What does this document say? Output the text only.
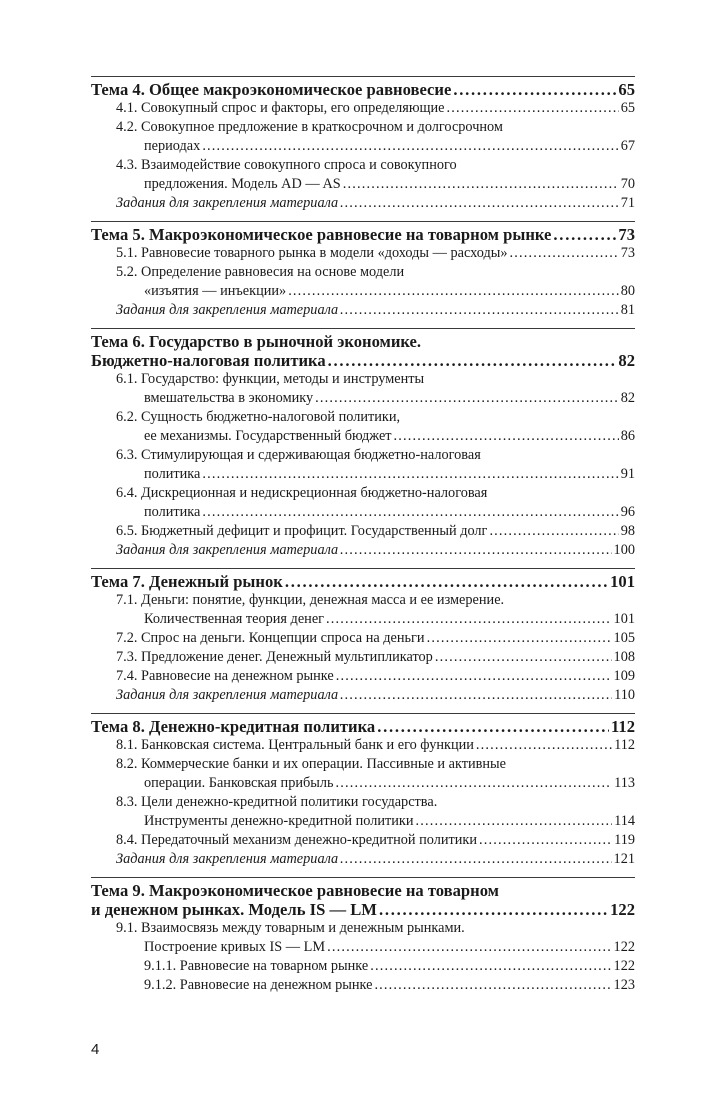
Тема 4. Общее макроэкономическое равновесие . . .	65
4.1. Совокупный спрос и факторы, его определяющие . . .	65
4.2. Совокупное предложение в краткосрочном и долгосрочном
периодах . . .	67
4.3. Взаимодействие совокупного спроса и совокупного
предложения. Модель AD — AS . . .	70
Задания для закрепления материала . . .	71
Тема 5. Макроэкономическое равновесие на товарном рынке . . .	73
5.1. Равновесие товарного рынка в модели «доходы — расходы» . . .	73
5.2. Определение равновесия на основе модели
«изъятия — инъекции» . . .	80
Задания для закрепления материала . . .	81
Тема 6. Государство в рыночной экономике.
Бюджетно-налоговая политика . . .	82
6.1. Государство: функции, методы и инструменты
вмешательства в экономику . . .	82
6.2. Сущность бюджетно-налоговой политики,
ее механизмы. Государственный бюджет . . .	86
6.3. Стимулирующая и сдерживающая бюджетно-налоговая
политика . . .	91
6.4. Дискреционная и недискреционная бюджетно-налоговая
политика . . .	96
6.5. Бюджетный дефицит и профицит. Государственный долг . . .	98
Задания для закрепления материала . . .	100
Тема 7. Денежный рынок . . .	101
7.1. Деньги: понятие, функции, денежная масса и ее измерение.
Количественная теория денег . . .	101
7.2. Спрос на деньги. Концепции спроса на деньги . . .	105
7.3. Предложение денег. Денежный мультипликатор . . .	108
7.4. Равновесие на денежном рынке . . .	109
Задания для закрепления материала . . .	110
Тема 8. Денежно-кредитная политика . . .	112
8.1. Банковская система. Центральный банк и его функции . . .	112
8.2. Коммерческие банки и их операции. Пассивные и активные
операции. Банковская прибыль . . .	113
8.3. Цели денежно-кредитной политики государства.
Инструменты денежно-кредитной политики . . .	114
8.4. Передаточный механизм денежно-кредитной политики . . .	119
Задания для закрепления материала . . .	121
Тема 9. Макроэкономическое равновесие на товарном
и денежном рынках. Модель IS — LM . . .	122
9.1. Взаимосвязь между товарным и денежным рынками.
Построение кривых IS — LM . . .	122
9.1.1. Равновесие на товарном рынке . . .	122
9.1.2. Равновесие на денежном рынке . . .	123
4
